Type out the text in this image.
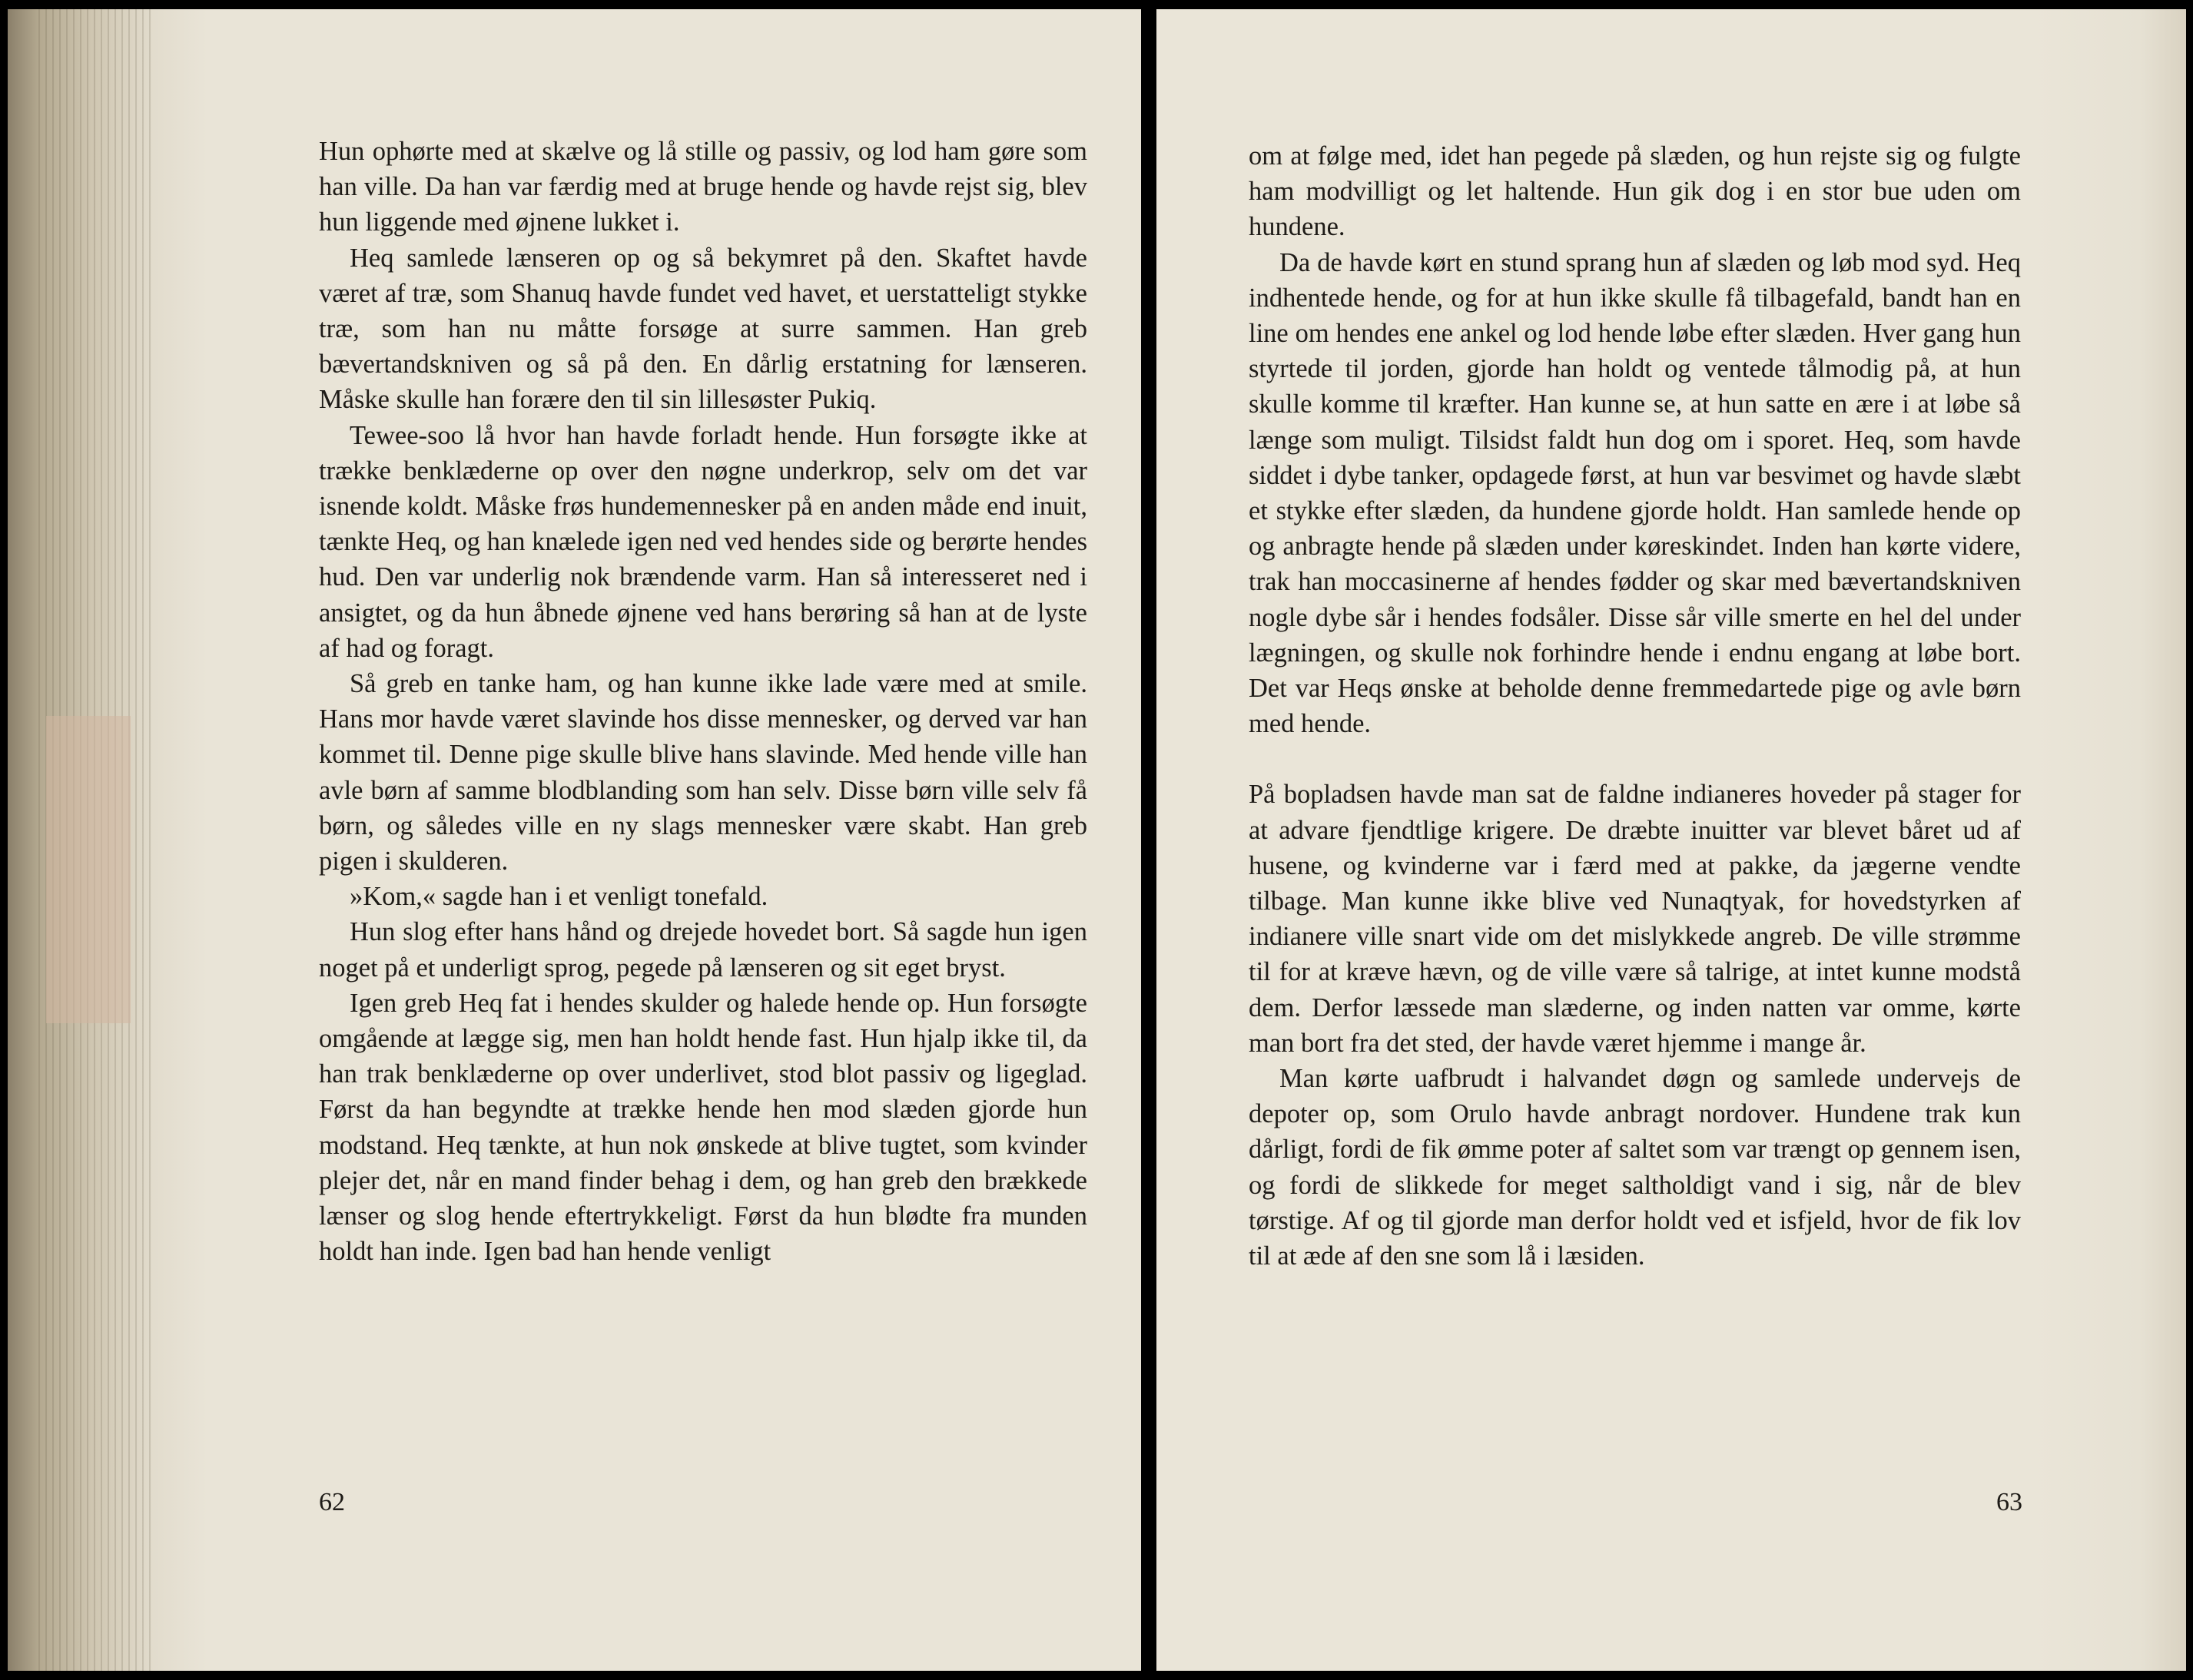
Hun ophørte med at skælve og lå stille og passiv, og lod ham gøre som han ville. Da han var færdig med at bruge hende og havde rejst sig, blev hun liggende med øjnene lukket i.

Heq samlede lænseren op og så bekymret på den. Skaftet havde været af træ, som Shanuq havde fundet ved havet, et uerstatteligt stykke træ, som han nu måtte forsøge at surre sammen. Han greb bævertandskniven og så på den. En dårlig erstatning for lænseren. Måske skulle han forære den til sin lillesøster Pukiq.

Tewee-soo lå hvor han havde forladt hende. Hun forsøgte ikke at trække benklæderne op over den nøgne underkrop, selv om det var isnende koldt. Måske frøs hundemennesker på en anden måde end inuit, tænkte Heq, og han knælede igen ned ved hendes side og berørte hendes hud. Den var underlig nok brændende varm. Han så interesseret ned i ansigtet, og da hun åbnede øjnene ved hans berøring så han at de lyste af had og foragt.

Så greb en tanke ham, og han kunne ikke lade være med at smile. Hans mor havde været slavinde hos disse mennesker, og derved var han kommet til. Denne pige skulle blive hans slavinde. Med hende ville han avle børn af samme blodblanding som han selv. Disse børn ville selv få børn, og således ville en ny slags mennesker være skabt. Han greb pigen i skulderen.

»Kom,« sagde han i et venligt tonefald.

Hun slog efter hans hånd og drejede hovedet bort. Så sagde hun igen noget på et underligt sprog, pegede på lænseren og sit eget bryst.

Igen greb Heq fat i hendes skulder og halede hende op. Hun forsøgte omgående at lægge sig, men han holdt hende fast. Hun hjalp ikke til, da han trak benklæderne op over underlivet, stod blot passiv og ligeglad. Først da han begyndte at trække hende hen mod slæden gjorde hun modstand. Heq tænkte, at hun nok ønskede at blive tugtet, som kvinder plejer det, når en mand finder behag i dem, og han greb den brækkede lænser og slog hende eftertrykkeligt. Først da hun blødte fra munden holdt han inde. Igen bad han hende venligt

62

om at følge med, idet han pegede på slæden, og hun rejste sig og fulgte ham modvilligt og let haltende. Hun gik dog i en stor bue uden om hundene.

Da de havde kørt en stund sprang hun af slæden og løb mod syd. Heq indhentede hende, og for at hun ikke skulle få tilbagefald, bandt han en line om hendes ene ankel og lod hende løbe efter slæden. Hver gang hun styrtede til jorden, gjorde han holdt og ventede tålmodig på, at hun skulle komme til kræfter. Han kunne se, at hun satte en ære i at løbe så længe som muligt. Tilsidst faldt hun dog om i sporet. Heq, som havde siddet i dybe tanker, opdagede først, at hun var besvimet og havde slæbt et stykke efter slæden, da hundene gjorde holdt. Han samlede hende op og anbragte hende på slæden under køreskindet. Inden han kørte videre, trak han moccasinerne af hendes fødder og skar med bævertandskniven nogle dybe sår i hendes fodsåler. Disse sår ville smerte en hel del under lægningen, og skulle nok forhindre hende i endnu engang at løbe bort. Det var Heqs ønske at beholde denne fremmedartede pige og avle børn med hende.

På bopladsen havde man sat de faldne indianeres hoveder på stager for at advare fjendtlige krigere. De dræbte inuitter var blevet båret ud af husene, og kvinderne var i færd med at pakke, da jægerne vendte tilbage. Man kunne ikke blive ved Nunaqtyak, for hovedstyrken af indianere ville snart vide om det mislykkede angreb. De ville strømme til for at kræve hævn, og de ville være så talrige, at intet kunne modstå dem. Derfor læssede man slæderne, og inden natten var omme, kørte man bort fra det sted, der havde været hjemme i mange år.

Man kørte uafbrudt i halvandet døgn og samlede undervejs de depoter op, som Orulo havde anbragt nordover. Hundene trak kun dårligt, fordi de fik ømme poter af saltet som var trængt op gennem isen, og fordi de slikkede for meget saltholdigt vand i sig, når de blev tørstige. Af og til gjorde man derfor holdt ved et isfjeld, hvor de fik lov til at æde af den sne som lå i læsiden.

63
